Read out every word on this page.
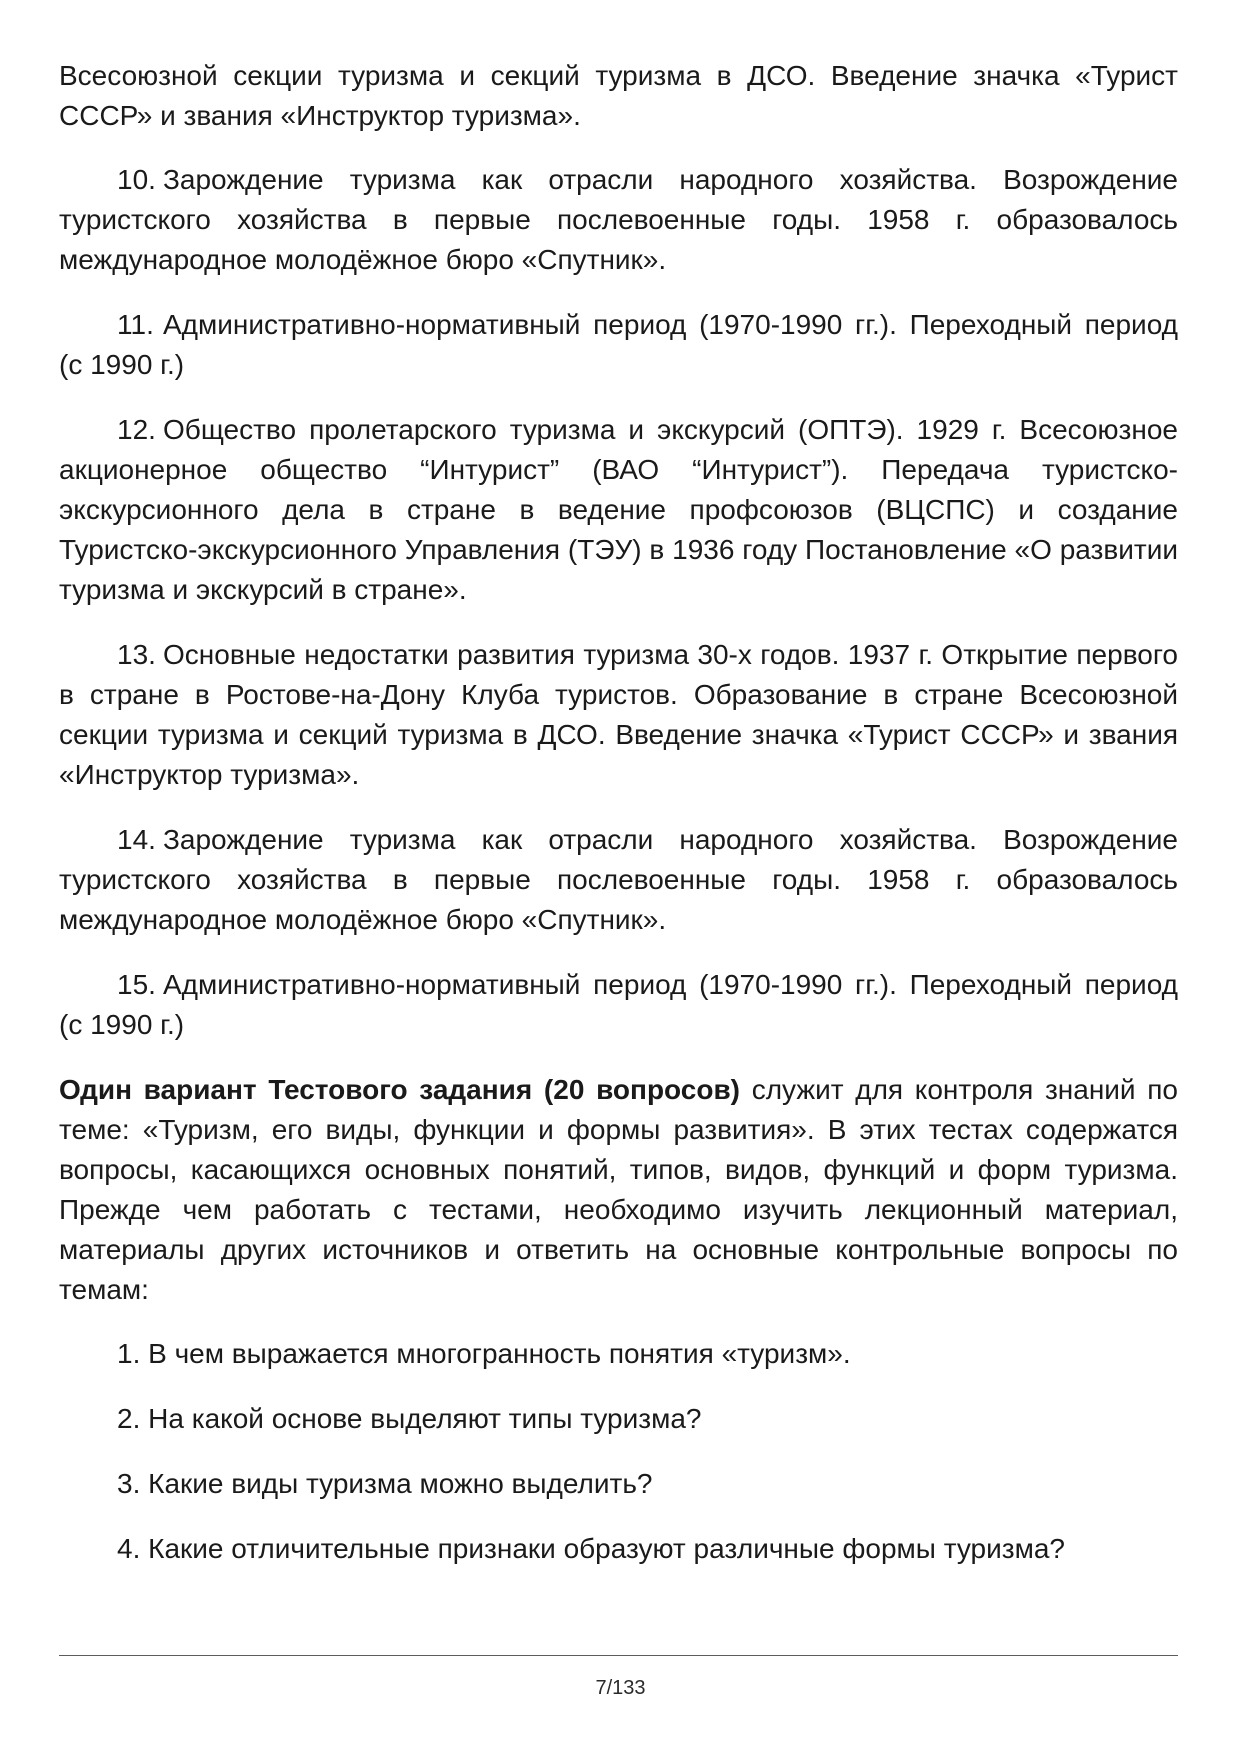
Всесоюзной секции туризма и секций туризма в ДСО. Введение значка «Турист СССР» и звания «Инструктор туризма».

10. Зарождение туризма как отрасли народного хозяйства. Возрождение туристского хозяйства в первые послевоенные годы. 1958 г. образовалось международное молодёжное бюро «Спутник».

11. Административно-нормативный период (1970-1990 гг.). Переходный период (с 1990 г.)

12. Общество пролетарского туризма и экскурсий (ОПТЭ). 1929 г. Всесоюзное акционерное общество “Интурист” (ВАО “Интурист”). Передача туристско-экскурсионного дела в стране в ведение профсоюзов (ВЦСПС) и создание Туристско-экскурсионного Управления (ТЭУ) в 1936 году Постановление «О развитии туризма и экскурсий в стране».

13. Основные недостатки развития туризма 30-х годов. 1937 г. Открытие первого в стране в Ростове-на-Дону Клуба туристов. Образование в стране Всесоюзной секции туризма и секций туризма в ДСО. Введение значка «Турист СССР» и звания «Инструктор туризма».

14. Зарождение туризма как отрасли народного хозяйства. Возрождение туристского хозяйства в первые послевоенные годы. 1958 г. образовалось международное молодёжное бюро «Спутник».

15. Административно-нормативный период (1970-1990 гг.). Переходный период (с 1990 г.)

Один вариант Тестового задания (20 вопросов) служит для контроля знаний по теме: «Туризм, его виды, функции и формы развития». В этих тестах содержатся вопросы, касающихся основных понятий, типов, видов, функций и форм туризма. Прежде чем работать с тестами, необходимо изучить лекционный материал, материалы других источников и ответить на основные контрольные вопросы по темам:

1. В чем выражается многогранность понятия «туризм».

2. На какой основе выделяют типы туризма?

3. Какие виды туризма можно выделить?

4. Какие отличительные признаки образуют различные формы туризма?

7/133
